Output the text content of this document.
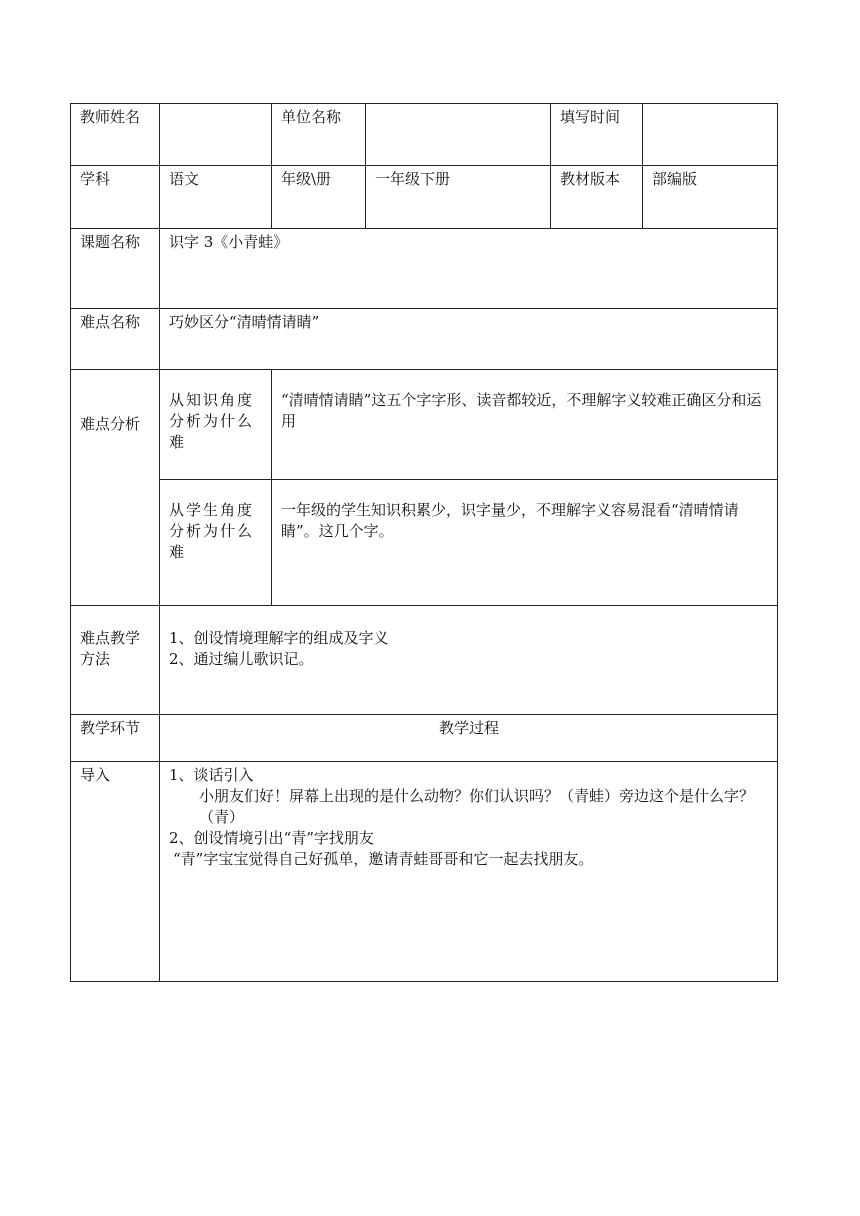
教师姓名		单位名称		填写时间	
学科	语文	年级\册	一年级下册	教材版本	部编版
课题名称	识字 3《小青蛙》				
难点名称	巧妙区分“清晴情请睛”				
难点分析	从知识角度分析为什么难	“清晴情请睛”这五个字字形、读音都较近，不理解字义较难正确区分和运用			
	从学生角度分析为什么难	一年级的学生知识积累少，识字量少，不理解字义容易混看“清晴情请睛”。这几个字。			
难点教学方法	1、创设情境理解字的组成及字义
2、通过编儿歌识记。				

教学环节	教学过程				
导入	1、谈话引入
小朋友们好！屏幕上出现的是什么动物？你们认识吗？（青蛙）旁边这个是什么字？（青）
2、创设情境引出“青”字找朋友
“青”字宝宝觉得自己好孤单，邀请青蛙哥哥和它一起去找朋友。				
